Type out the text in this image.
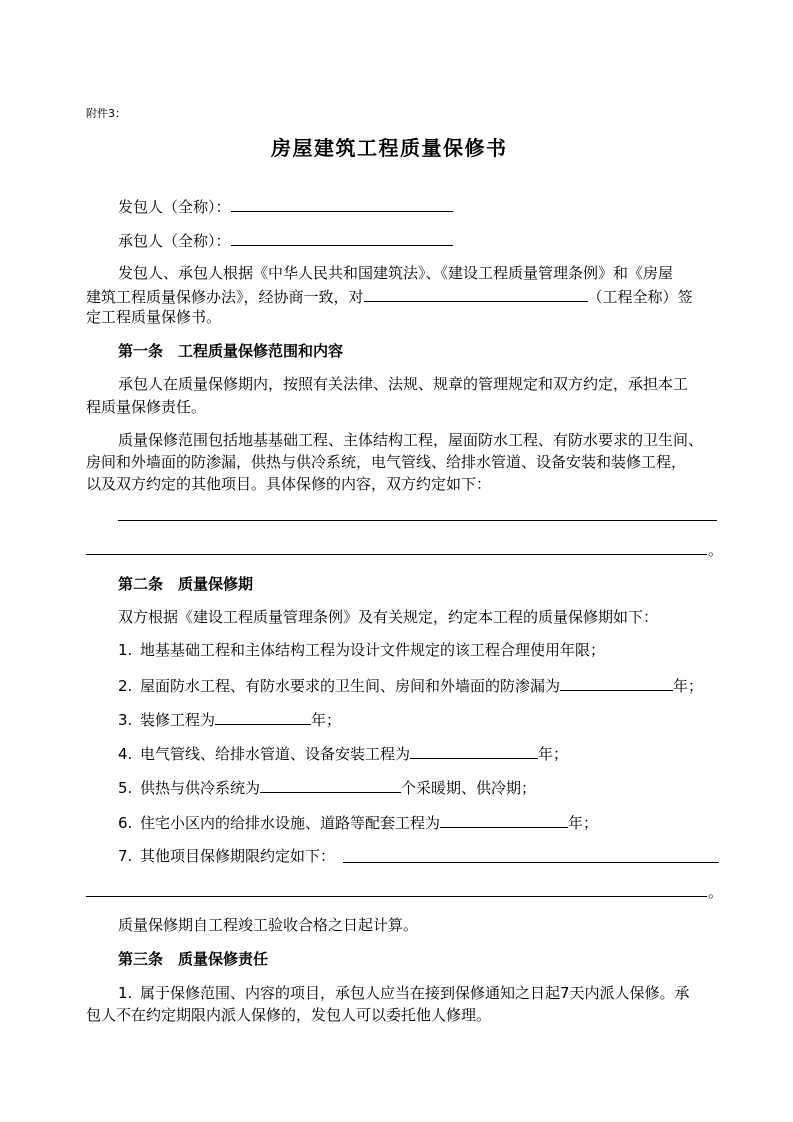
附件3：
房屋建筑工程质量保修书
发包人（全称）：
承包人（全称）：
发包人、承包人根据《中华人民共和国建筑法》、《建设工程质量管理条例》和《房屋
建筑工程质量保修办法》，经协商一致，对	（工程全称）签
定工程质量保修书。
第一条　工程质量保修范围和内容
承包人在质量保修期内，按照有关法律、法规、规章的管理规定和双方约定，承担本工
程质量保修责任。
质量保修范围包括地基基础工程、主体结构工程，屋面防水工程、有防水要求的卫生间、
房间和外墙面的防渗漏，供热与供冷系统，电气管线、给排水管道、设备安装和装修工程，
以及双方约定的其他项目。具体保修的内容，双方约定如下：
。
第二条　质量保修期
双方根据《建设工程质量管理条例》及有关规定，约定本工程的质量保修期如下：
1. 地基基础工程和主体结构工程为设计文件规定的该工程合理使用年限；
2. 屋面防水工程、有防水要求的卫生间、房间和外墙面的防渗漏为	年；
3. 装修工程为	年；
4. 电气管线、给排水管道、设备安装工程为	年；
5. 供热与供冷系统为	个采暖期、供冷期；
6. 住宅小区内的给排水设施、道路等配套工程为	年；
7. 其他项目保修期限约定如下：
。
质量保修期自工程竣工验收合格之日起计算。
第三条　质量保修责任
1. 属于保修范围、内容的项目，承包人应当在接到保修通知之日起7天内派人保修。承
包人不在约定期限内派人保修的，发包人可以委托他人修理。
